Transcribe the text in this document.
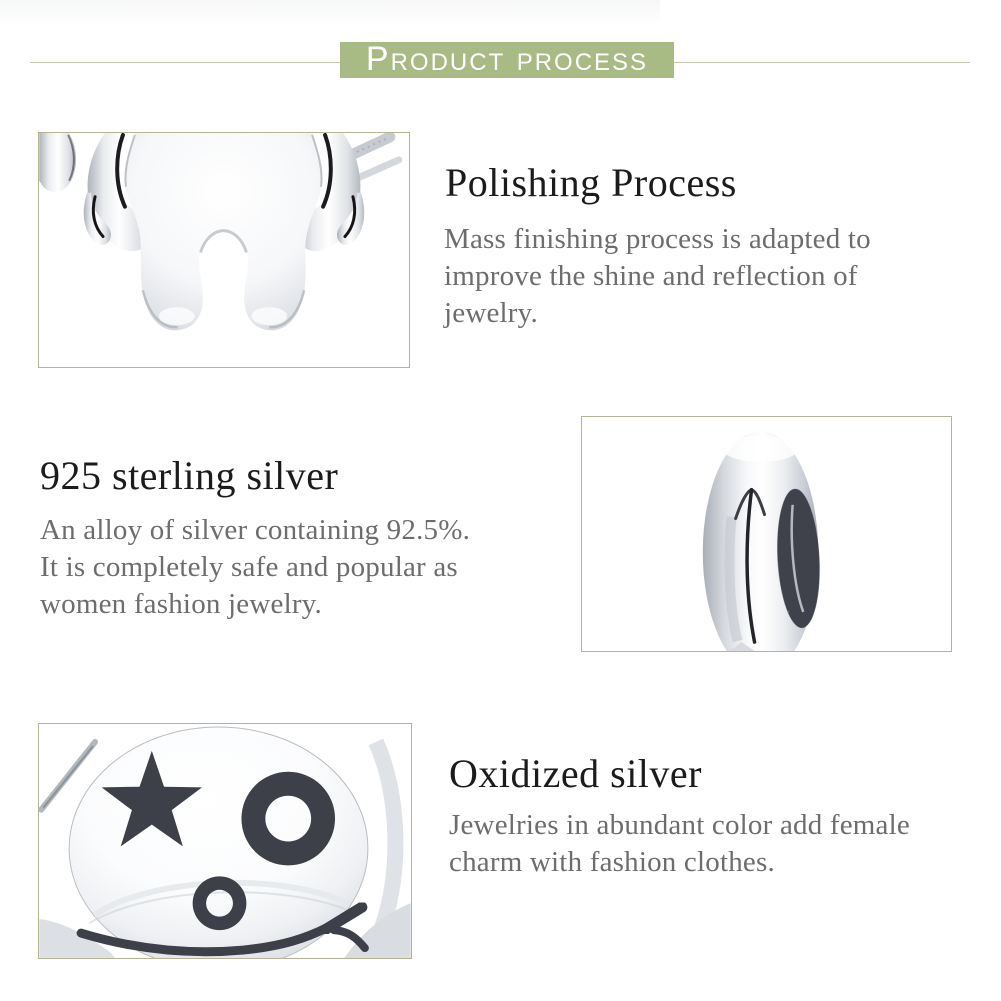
Product process
Polishing Process
Mass finishing process is adapted to
improve the shine and reflection of
jewelry.
925 sterling silver
An alloy of silver containing 92.5%.
It is completely safe and popular as
women fashion jewelry.
Oxidized silver
Jewelries in abundant color add female
charm with fashion clothes.
